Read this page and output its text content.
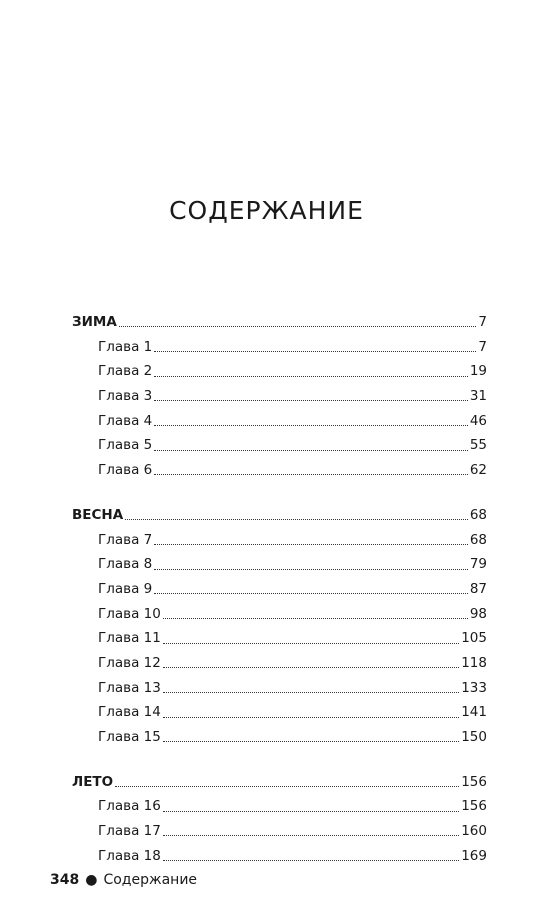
СОДЕРЖАНИЕ
ЗИМА	7
Глава 1	7
Глава 2	19
Глава 3	31
Глава 4	46
Глава 5	55
Глава 6	62
ВЕСНА	68
Глава 7	68
Глава 8	79
Глава 9	87
Глава 10	98
Глава 11	105
Глава 12	118
Глава 13	133
Глава 14	141
Глава 15	150
ЛЕТО	156
Глава 16	156
Глава 17	160
Глава 18	169
348 ● Содержание
